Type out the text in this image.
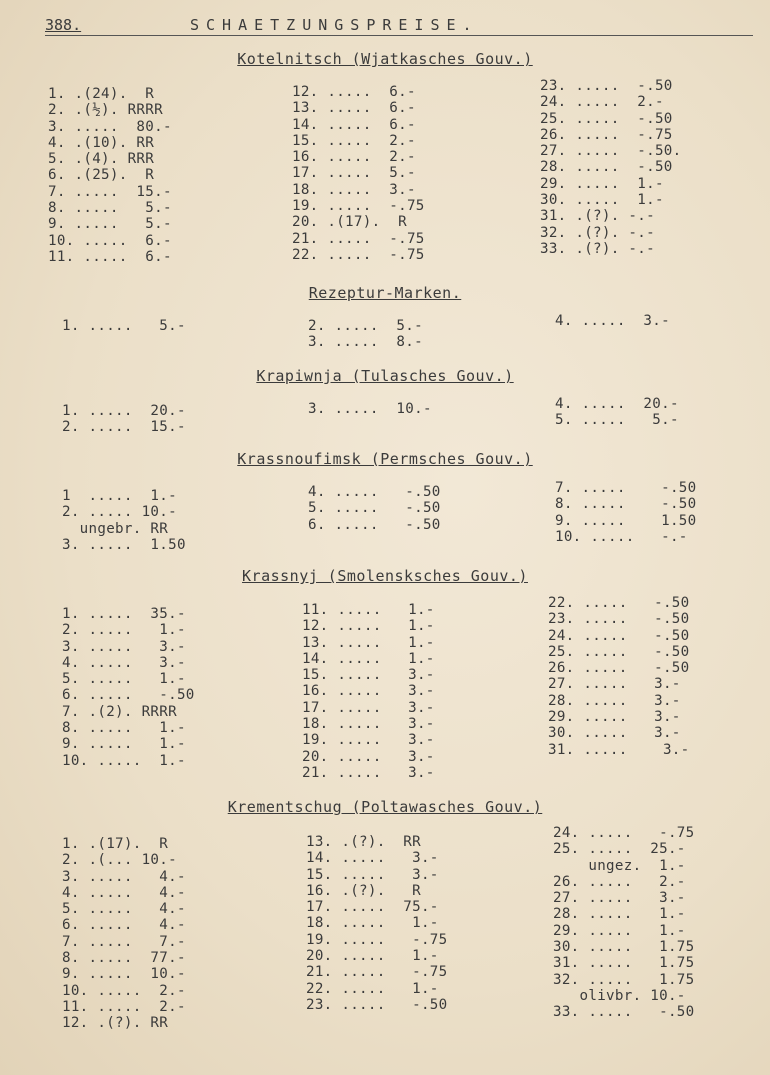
388.	SCHAETZUNGSPREISE.
Kotelnitsch (Wjatkasches Gouv.)
1. .(24).  R
2. .(½). RRRR
3. .....  80.-
4. .(10). RR
5. .(4). RRR
6. .(25).  R
7. .....  15.-
8. .....   5.-
9. .....   5.-
10. .....  6.-
11. .....  6.-
12. .....  6.-
13. .....  6.-
14. .....  6.-
15. .....  2.-
16. .....  2.-
17. .....  5.-
18. .....  3.-
19. .....  -.75
20. .(17).  R
21. .....  -.75
22. .....  -.75
23. .....  -.50
24. .....  2.-
25. .....  -.50
26. .....  -.75
27. .....  -.50.
28. .....  -.50
29. .....  1.-
30. .....  1.-
31. .(?). -.-
32. .(?). -.-
33. .(?). -.-
Rezeptur-Marken.
1. .....   5.-	2. .....  5.-
3. .....  8.-
4. .....  3.-
Krapiwnja (Tulasches Gouv.)
1. .....  20.-
2. .....  15.-
3. .....  10.-	4. .....  20.-
5. .....   5.-
Krassnoufimsk (Permsches Gouv.)
1  .....  1.-
2. ..... 10.-
ungebr. RR
3. .....  1.50
4. .....   -.50
5. .....   -.50
6. .....   -.50
7. .....    -.50
8. .....    -.50
9. .....    1.50
10. .....   -.-
Krassnyj (Smolensksches Gouv.)
1. .....  35.-
2. .....   1.-
3. .....   3.-
4. .....   3.-
5. .....   1.-
6. .....   -.50
7. .(2). RRRR
8. .....   1.-
9. .....   1.-
10. .....  1.-
11. .....   1.-
12. .....   1.-
13. .....   1.-
14. .....   1.-
15. .....   3.-
16. .....   3.-
17. .....   3.-
18. .....   3.-
19. .....   3.-
20. .....   3.-
21. .....   3.-
22. .....   -.50
23. .....   -.50
24. .....   -.50
25. .....   -.50
26. .....   -.50
27. .....   3.-
28. .....   3.-
29. .....   3.-
30. .....   3.-
31. .....    3.-
Krementschug (Poltawasches Gouv.)
1. .(17).  R
2. .(... 10.-
3. .....   4.-
4. .....   4.-
5. .....   4.-
6. .....   4.-
7. .....   7.-
8. .....  77.-
9. .....  10.-
10. .....  2.-
11. .....  2.-
12. .(?). RR
13. .(?).  RR
14. .....   3.-
15. .....   3.-
16. .(?).   R
17. .....  75.-
18. .....   1.-
19. .....   -.75
20. .....   1.-
21. .....   -.75
22. .....   1.-
23. .....   -.50
24. .....   -.75
25. .....  25.-
ungez.  1.-
26. .....   2.-
27. .....   3.-
28. .....   1.-
29. .....   1.-
30. .....   1.75
31. .....   1.75
32. .....   1.75
olivbr. 10.-
33. .....   -.50
